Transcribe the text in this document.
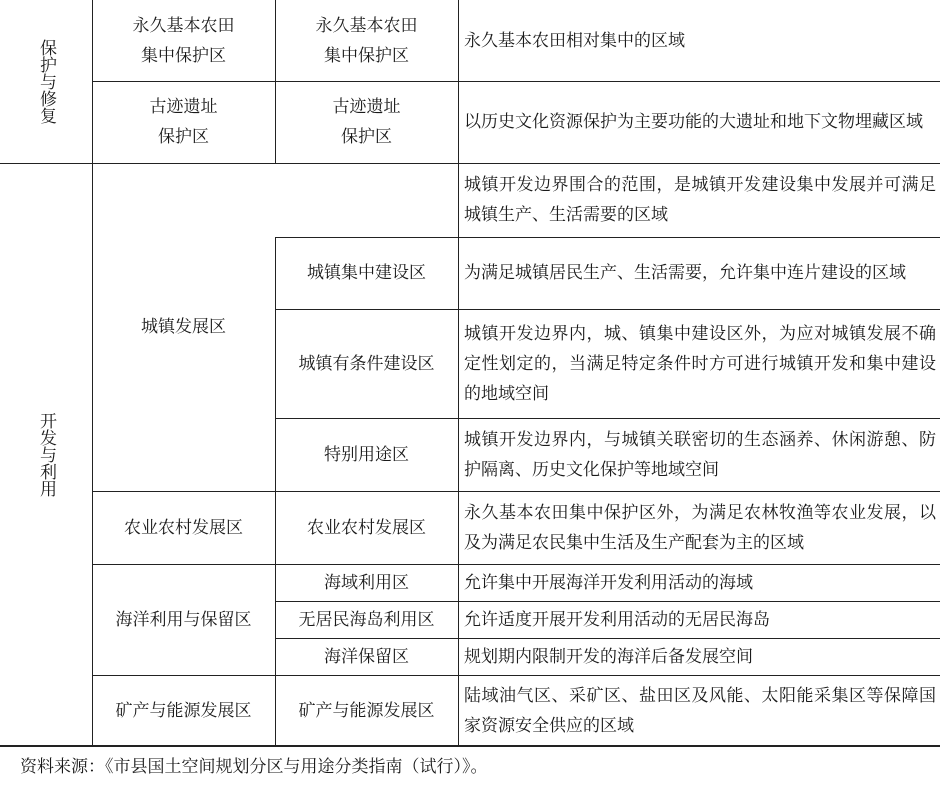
保护与修复
开发与利用
永久基本农田
集中保护区
古迹遗址
保护区
城镇发展区
农业农村发展区
海洋利用与保留区
矿产与能源发展区
永久基本农田
集中保护区
古迹遗址
保护区
城镇集中建设区
城镇有条件建设区
特别用途区
农业农村发展区
海域利用区
无居民海岛利用区
海洋保留区
矿产与能源发展区
永久基本农田相对集中的区域
以历史文化资源保护为主要功能的大遗址和地下文物埋藏区域
城镇开发边界围合的范围，是城镇开发建设集中发展并可满足城镇生产、生活需要的区域
为满足城镇居民生产、生活需要，允许集中连片建设的区域
城镇开发边界内，城、镇集中建设区外，为应对城镇发展不确定性划定的，当满足特定条件时方可进行城镇开发和集中建设的地域空间
城镇开发边界内，与城镇关联密切的生态涵养、休闲游憩、防护隔离、历史文化保护等地域空间
永久基本农田集中保护区外，为满足农林牧渔等农业发展，以及为满足农民集中生活及生产配套为主的区域
允许集中开展海洋开发利用活动的海域
允许适度开展开发利用活动的无居民海岛
规划期内限制开发的海洋后备发展空间
陆域油气区、采矿区、盐田区及风能、太阳能采集区等保障国家资源安全供应的区域
资料来源：《市县国土空间规划分区与用途分类指南（试行）》。
